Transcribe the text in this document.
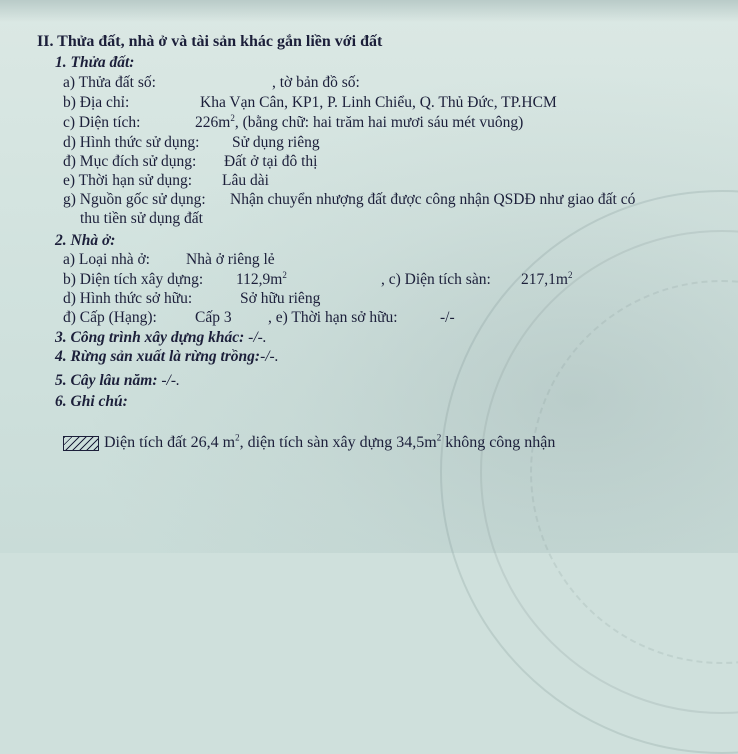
II. Thửa đất, nhà ở và tài sản khác gắn liền với đất
1. Thửa đất:
a) Thửa đất số:	, tờ bản đồ số:
b) Địa chỉ:	Kha Vạn Cân, KP1, P. Linh Chiểu, Q. Thủ Đức, TP.HCM
c) Diện tích:	$226m^2$, (bằng chữ: hai trăm hai mươi sáu mét vuông)
d) Hình thức sử dụng: Sử dụng riêng
đ) Mục đích sử dụng: Đất ở tại đô thị
e) Thời hạn sử dụng: Lâu dài
g) Nguồn gốc sử dụng: Nhận chuyển nhượng đất được công nhận QSDĐ như giao đất có
thu tiền sử dụng đất
2. Nhà ở:
a) Loại nhà ở: Nhà ở riêng lẻ
b) Diện tích xây dựng: $112,9m^2$	, c) Diện tích sàn: $217,1m^2$
d) Hình thức sở hữu:	Sở hữu riêng
đ) Cấp (Hạng): Cấp 3 , e) Thời hạn sở hữu:	-/-
3. Công trình xây dựng khác: -/-.
4. Rừng sản xuất là rừng trồng:-/-.
5. Cây lâu năm: -/-.
6. Ghi chú:
Diện tích đất 26,4 $m^2$, diện tích sàn xây dựng $34,5m^2$ không công nhận
